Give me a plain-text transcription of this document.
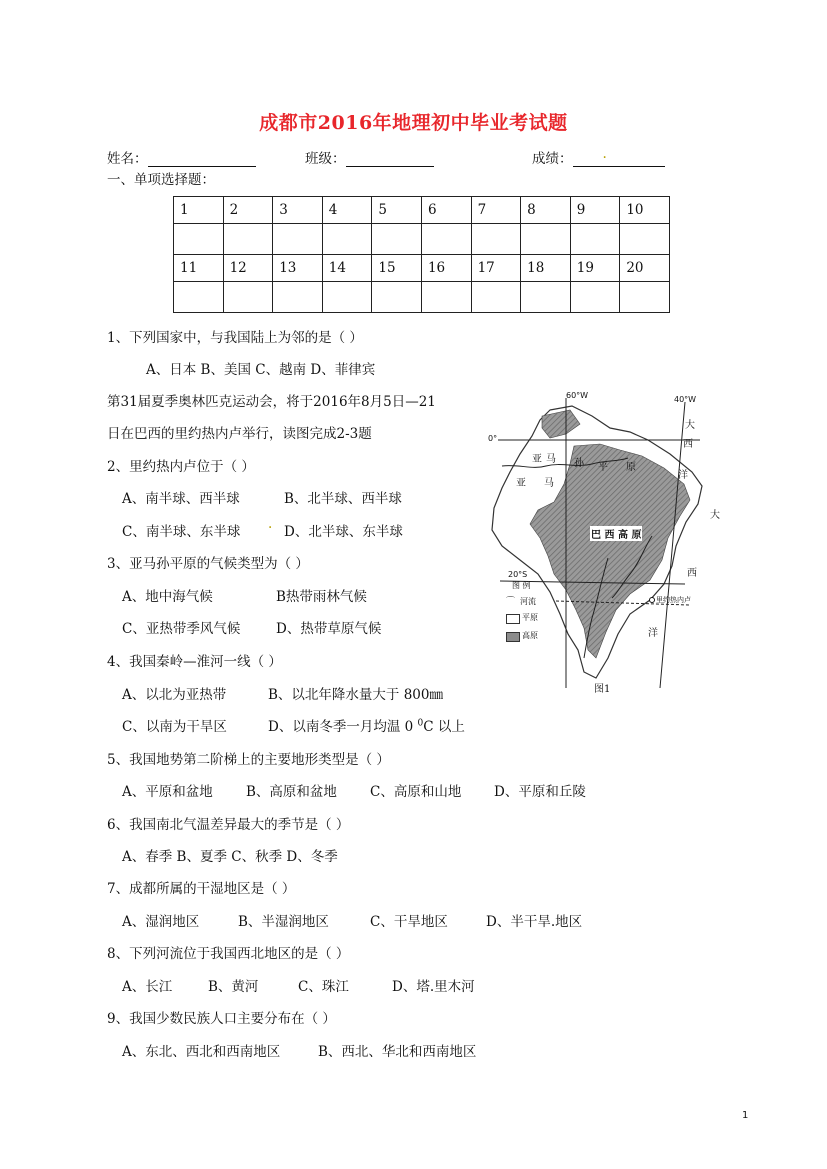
成都市2016年地理初中毕业考试题
姓名：	班级：	成绩： .
一、单项选择题：
1	2	3	4	5	6	7	8	9	10

11	12	13	14	15	16	17	18	19	20

1、下列国家中，与我国陆上为邻的是（ ）
A、日本 B、美国 C、越南 D、菲律宾
第31届夏季奥林匹克运动会，将于2016年8月5日—21
日在巴西的里约热内卢举行，读图完成2-3题
2、里约热内卢位于（ ）
A、南半球、西半球	B、北半球、西半球
C、南半球、东半球 . D、北半球、东半球
3、亚马孙平原的气候类型为（ ）
A、地中海气候	B热带雨林气候
C、亚热带季风气候	D、热带草原气候
4、我国秦岭—淮河一线（ ）
A、以北为亚热带	B、以北年降水量大于 800㎜
C、以南为干旱区	D、以南冬季一月均温 0 $^0$C 以上
5、我国地势第二阶梯上的主要地形类型是（ ）
A、平原和盆地 B、高原和盆地 C、高原和山地 D、平原和丘陵
6、我国南北气温差异最大的季节是（ ）
A、春季 B、夏季 C、秋季 D、冬季
7、成都所属的干湿地区是（ ）
A、湿润地区	B、半湿润地区	C、干旱地区	D、半干旱.地区
8、下列河流位于我国西北地区的是（ ）
A、长江	B、黄河	C、珠江	D、塔.里木河
9、我国少数民族人口主要分布在（ ）
A、东北、西北和西南地区	B、西北、华北和西南地区
60°W	40°W
0°
20°S
大
西
洋
大
西
洋
亚 马 孙 平 原
亚 马
巴 西 高 原
图 例
⌒ 河流
平原
高原
里约热内卢
图1
1
